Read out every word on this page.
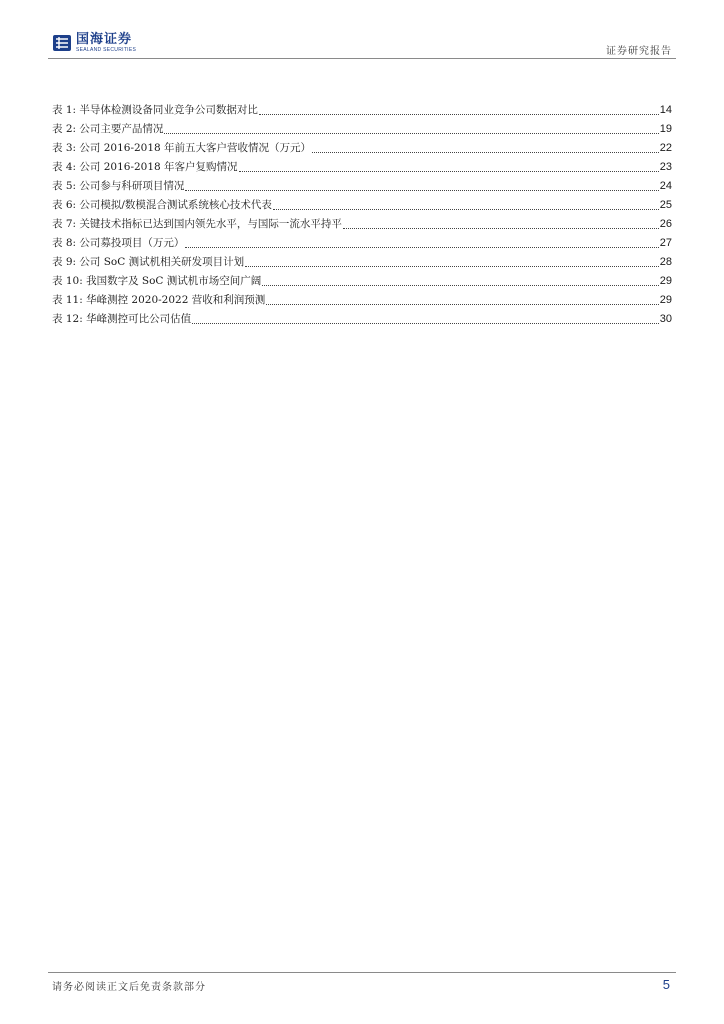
国海证券
SEALAND SECURITIES	证券研究报告
表 1: 半导体检测设备同业竞争公司数据对比	14
表 2: 公司主要产品情况	19
表 3: 公司 2016-2018 年前五大客户营收情况（万元）	22
表 4: 公司 2016-2018 年客户复购情况	23
表 5: 公司参与科研项目情况	24
表 6: 公司模拟/数模混合测试系统核心技术代表	25
表 7: 关键技术指标已达到国内领先水平，与国际一流水平持平	26
表 8: 公司募投项目（万元）	27
表 9: 公司 SoC 测试机相关研发项目计划	28
表 10: 我国数字及 SoC 测试机市场空间广阔	29
表 11: 华峰测控 2020-2022 营收和利润预测	29
表 12: 华峰测控可比公司估值	30
请务必阅读正文后免责条款部分	5
